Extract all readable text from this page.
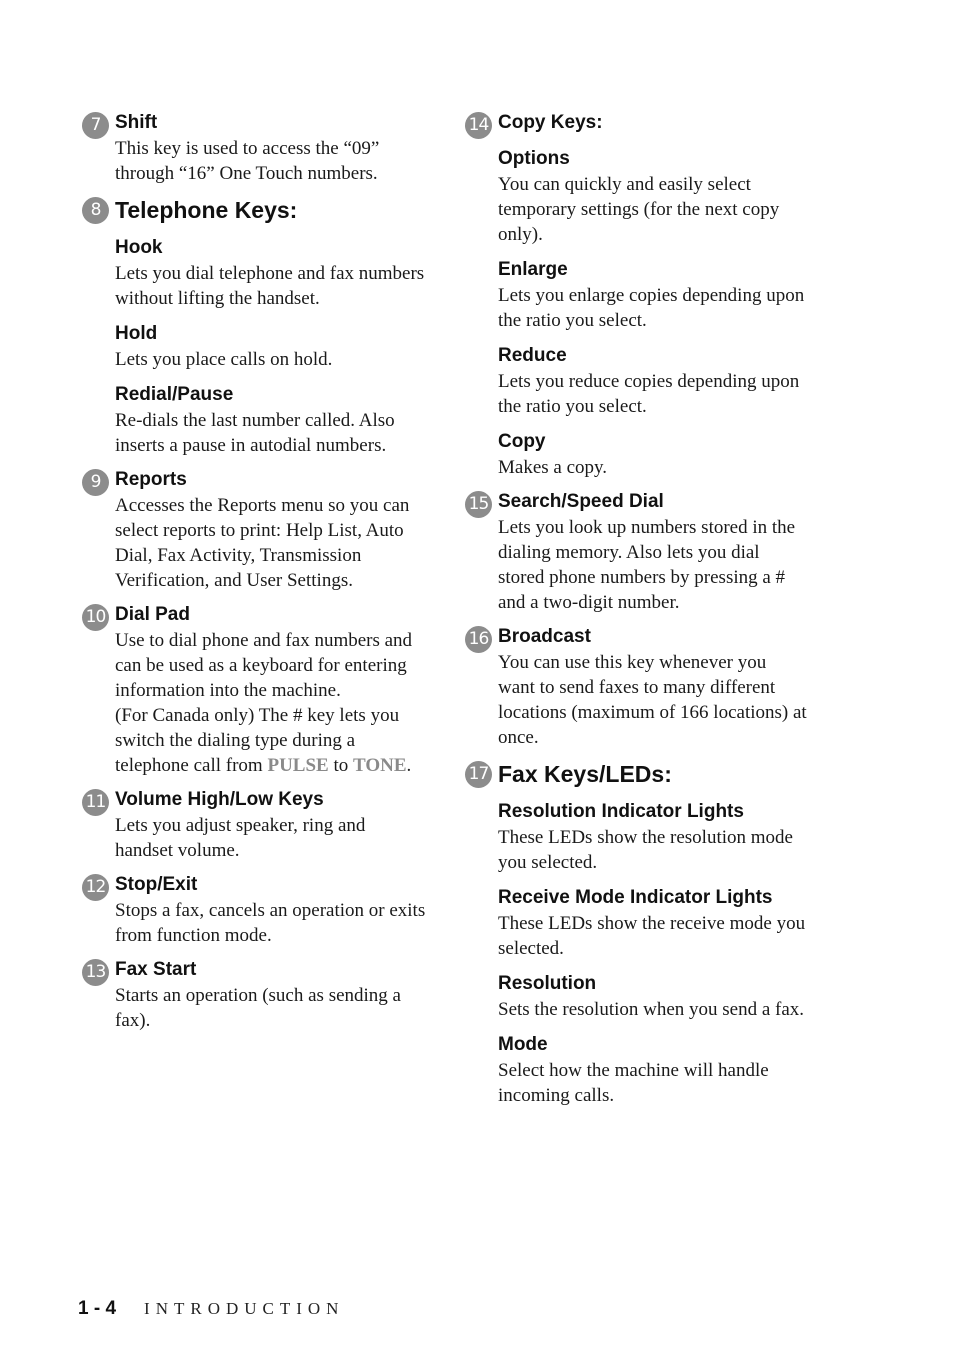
7 Shift
This key is used to access the “09”
through “16” One Touch numbers.
8 Telephone Keys:
Hook
Lets you dial telephone and fax numbers
without lifting the handset.
Hold
Lets you place calls on hold.
Redial/Pause
Re-dials the last number called. Also
inserts a pause in autodial numbers.
9 Reports
Accesses the Reports menu so you can
select reports to print: Help List, Auto
Dial, Fax Activity, Transmission
Verification, and User Settings.
10 Dial Pad
Use to dial phone and fax numbers and
can be used as a keyboard for entering
information into the machine.
(For Canada only) The # key lets you
switch the dialing type during a
telephone call from PULSE to TONE.
11 Volume High/Low Keys
Lets you adjust speaker, ring and
handset volume.
12 Stop/Exit
Stops a fax, cancels an operation or exits
from function mode.
13 Fax Start
Starts an operation (such as sending a
fax).
14 Copy Keys:
Options
You can quickly and easily select
temporary settings (for the next copy
only).
Enlarge
Lets you enlarge copies depending upon
the ratio you select.
Reduce
Lets you reduce copies depending upon
the ratio you select.
Copy
Makes a copy.
15 Search/Speed Dial
Lets you look up numbers stored in the
dialing memory. Also lets you dial
stored phone numbers by pressing a #
and a two-digit number.
16 Broadcast
You can use this key whenever you
want to send faxes to many different
locations (maximum of 166 locations) at
once.
17 Fax Keys/LEDs:
Resolution Indicator Lights
These LEDs show the resolution mode
you selected.
Receive Mode Indicator Lights
These LEDs show the receive mode you
selected.
Resolution
Sets the resolution when you send a fax.
Mode
Select how the machine will handle
incoming calls.
1 - 4 INTRODUCTION
